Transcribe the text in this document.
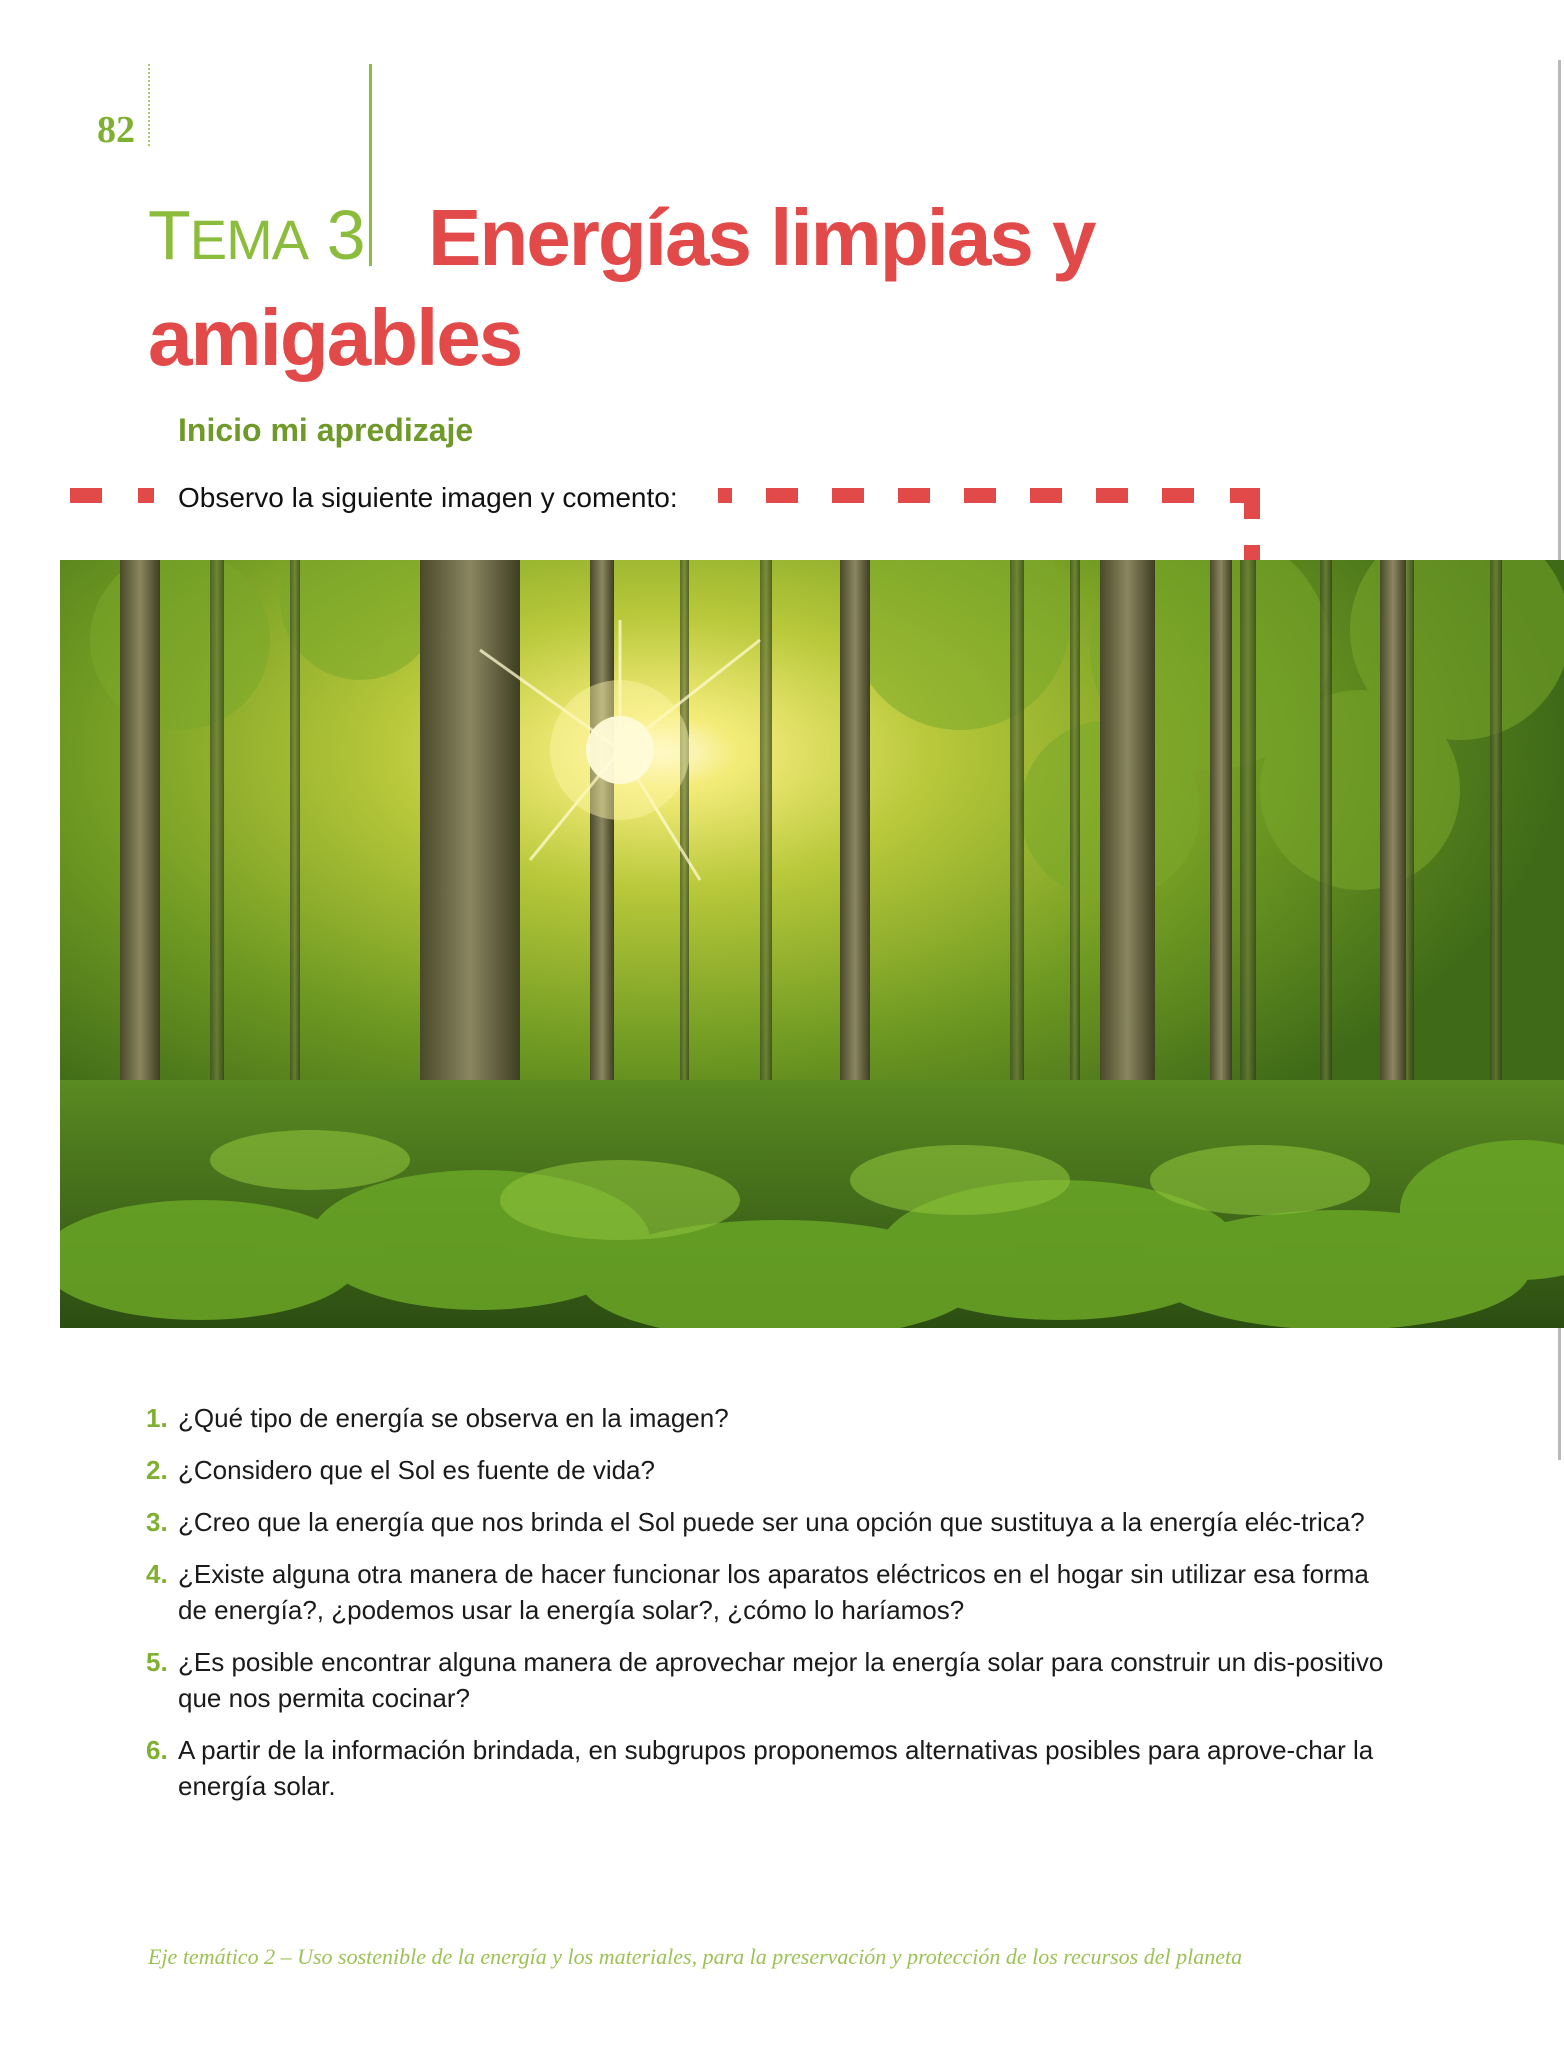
82
TEMA 3 Energías limpias y
amigables
Inicio mi apredizaje
Observo la siguiente imagen y comento:
1. ¿Qué tipo de energía se observa en la imagen?
2. ¿Considero que el Sol es fuente de vida?
3. ¿Creo que la energía que nos brinda el Sol puede ser una opción que sustituya a la energía eléc-trica?
4. ¿Existe alguna otra manera de hacer funcionar los aparatos eléctricos en el hogar sin utilizar esa forma de energía?, ¿podemos usar la energía solar?, ¿cómo lo haríamos?
5. ¿Es posible encontrar alguna manera de aprovechar mejor la energía solar para construir un dis-positivo que nos permita cocinar?
6. A partir de la información brindada, en subgrupos proponemos alternativas posibles para aprove-char la energía solar.
Eje temático 2 – Uso sostenible de la energía y los materiales, para la preservación y protección de los recursos del planeta
